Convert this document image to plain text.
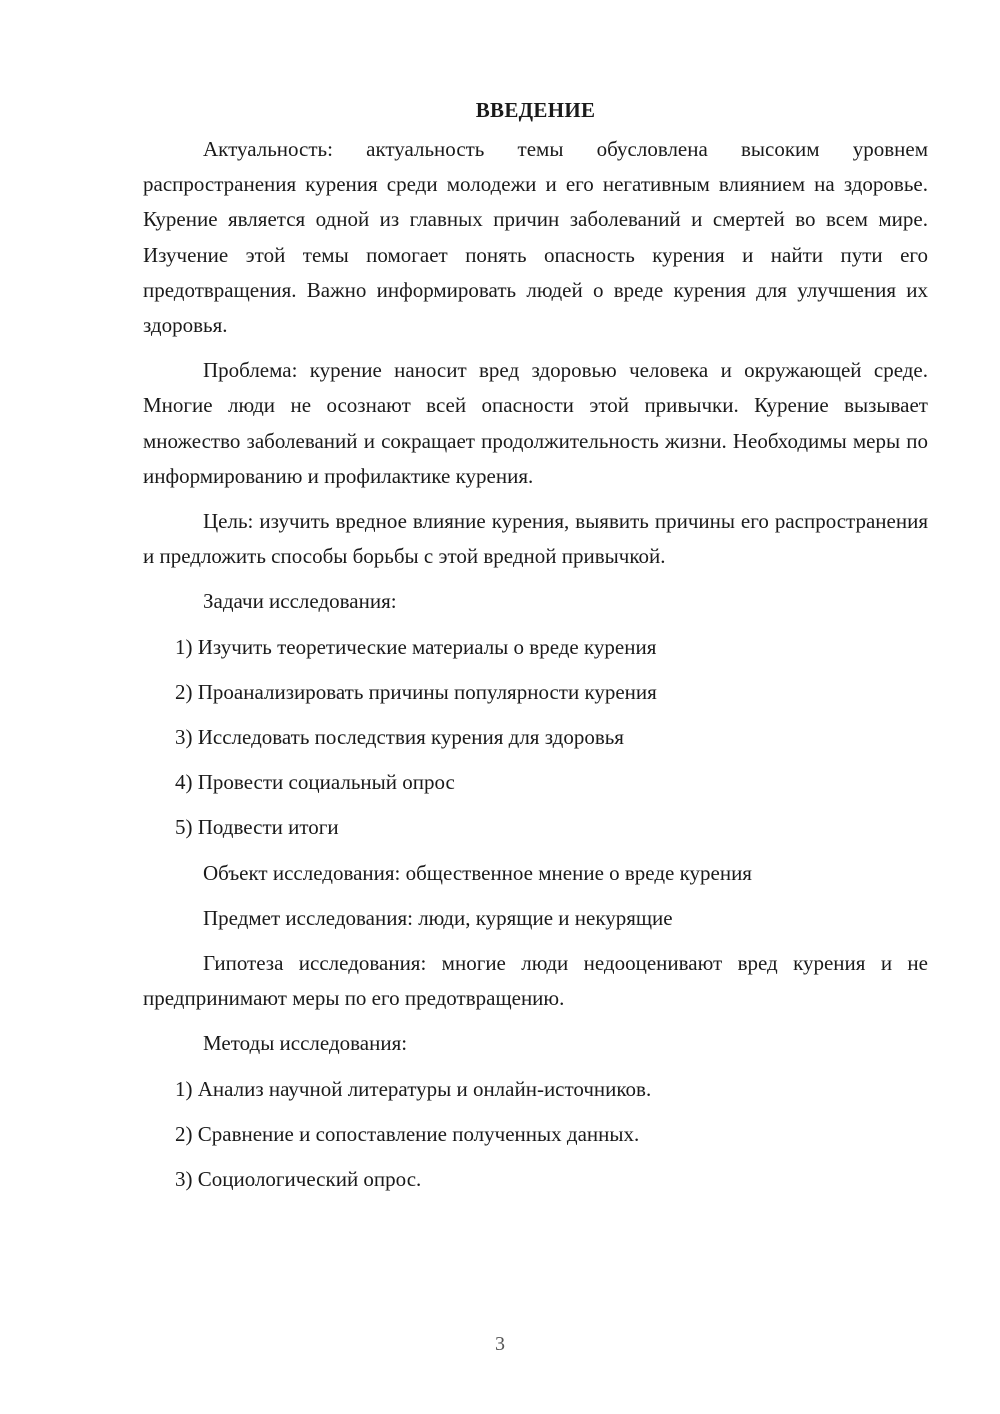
ВВЕДЕНИЕ

Актуальность: актуальность темы обусловлена высоким уровнем распространения курения среди молодежи и его негативным влиянием на здоровье. Курение является одной из главных причин заболеваний и смертей во всем мире. Изучение этой темы помогает понять опасность курения и найти пути его предотвращения. Важно информировать людей о вреде курения для улучшения их здоровья.

Проблема: курение наносит вред здоровью человека и окружающей среде. Многие люди не осознают всей опасности этой привычки. Курение вызывает множество заболеваний и сокращает продолжительность жизни. Необходимы меры по информированию и профилактике курения.

Цель: изучить вредное влияние курения, выявить причины его распространения и предложить способы борьбы с этой вредной привычкой.

Задачи исследования:
1) Изучить теоретические материалы о вреде курения
2) Проанализировать причины популярности курения
3) Исследовать последствия курения для здоровья
4) Провести социальный опрос
5) Подвести итоги
Объект исследования: общественное мнение о вреде курения
Предмет исследования: люди, курящие и некурящие

Гипотеза исследования: многие люди недооценивают вред курения и не предпринимают меры по его предотвращению.

Методы исследования:
1) Анализ научной литературы и онлайн-источников.
2) Сравнение и сопоставление полученных данных.
3) Социологический опрос.
3
